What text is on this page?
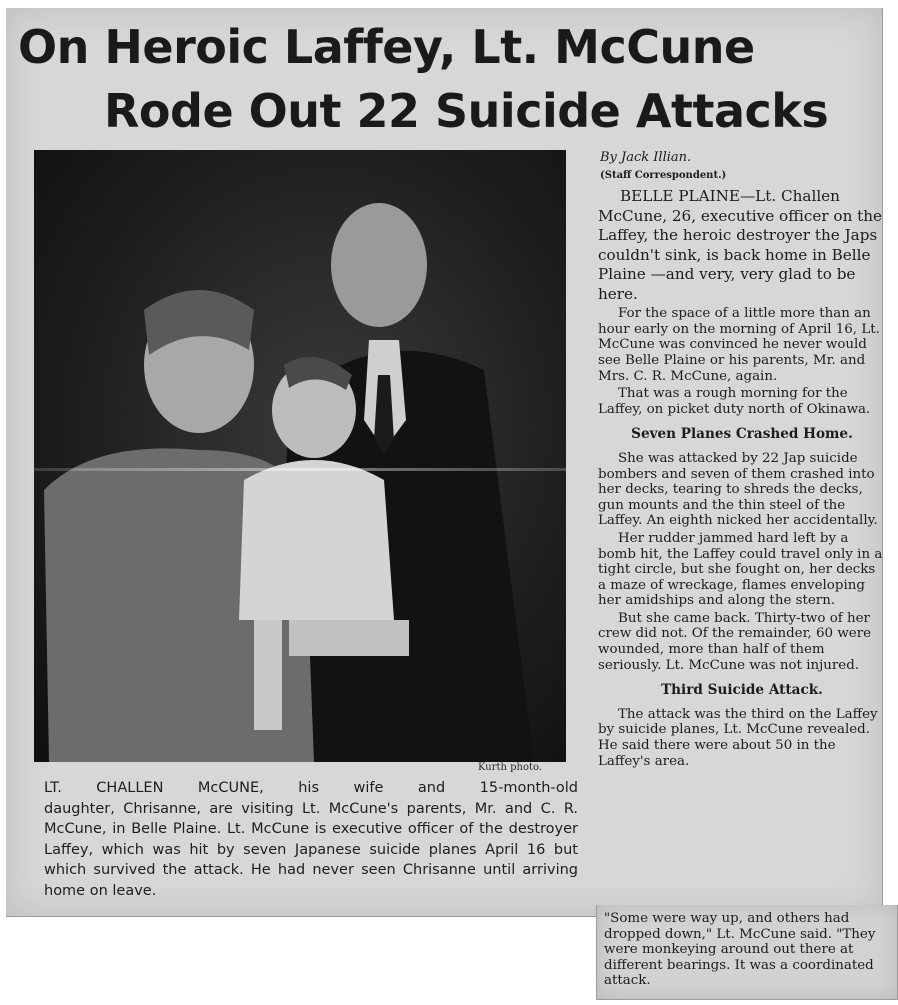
On Heroic Laffey, Lt. McCune
Rode Out 22 Suicide Attacks
Kurth photo.
LT. CHALLEN McCUNE, his wife and 15-month-old
daughter, Chrisanne, are visiting Lt. McCune's parents, Mr. and C. R. McCune, in Belle Plaine. Lt. McCune is executive officer of the destroyer Laffey, which was hit by seven Japanese suicide planes April 16 but which survived the attack. He had never seen Chrisanne until arriving home on leave.
By Jack Illian.
(Staff Correspondent.)
BELLE PLAINE—Lt. Challen McCune, 26, executive officer on the Laffey, the heroic destroyer the Japs couldn't sink, is back home in Belle Plaine —and very, very glad to be here.
For the space of a little more than an hour early on the morning of April 16, Lt. McCune was convinced he never would see Belle Plaine or his parents, Mr. and Mrs. C. R. McCune, again.
That was a rough morning for the Laffey, on picket duty north of Okinawa.
Seven Planes Crashed Home.
She was attacked by 22 Jap suicide bombers and seven of them crashed into her decks, tearing to shreds the decks, gun mounts and the thin steel of the Laffey. An eighth nicked her accidentally.
Her rudder jammed hard left by a bomb hit, the Laffey could travel only in a tight circle, but she fought on, her decks a maze of wreckage, flames enveloping her amidships and along the stern.
But she came back. Thirty-two of her crew did not. Of the remainder, 60 were wounded, more than half of them seriously. Lt. McCune was not injured.
Third Suicide Attack.
The attack was the third on the Laffey by suicide planes, Lt. McCune revealed. He said there were about 50 in the Laffey's area.
"Some were way up, and others had dropped down," Lt. McCune said. "They were monkeying around out there at different bearings. It was a coordinated attack.
